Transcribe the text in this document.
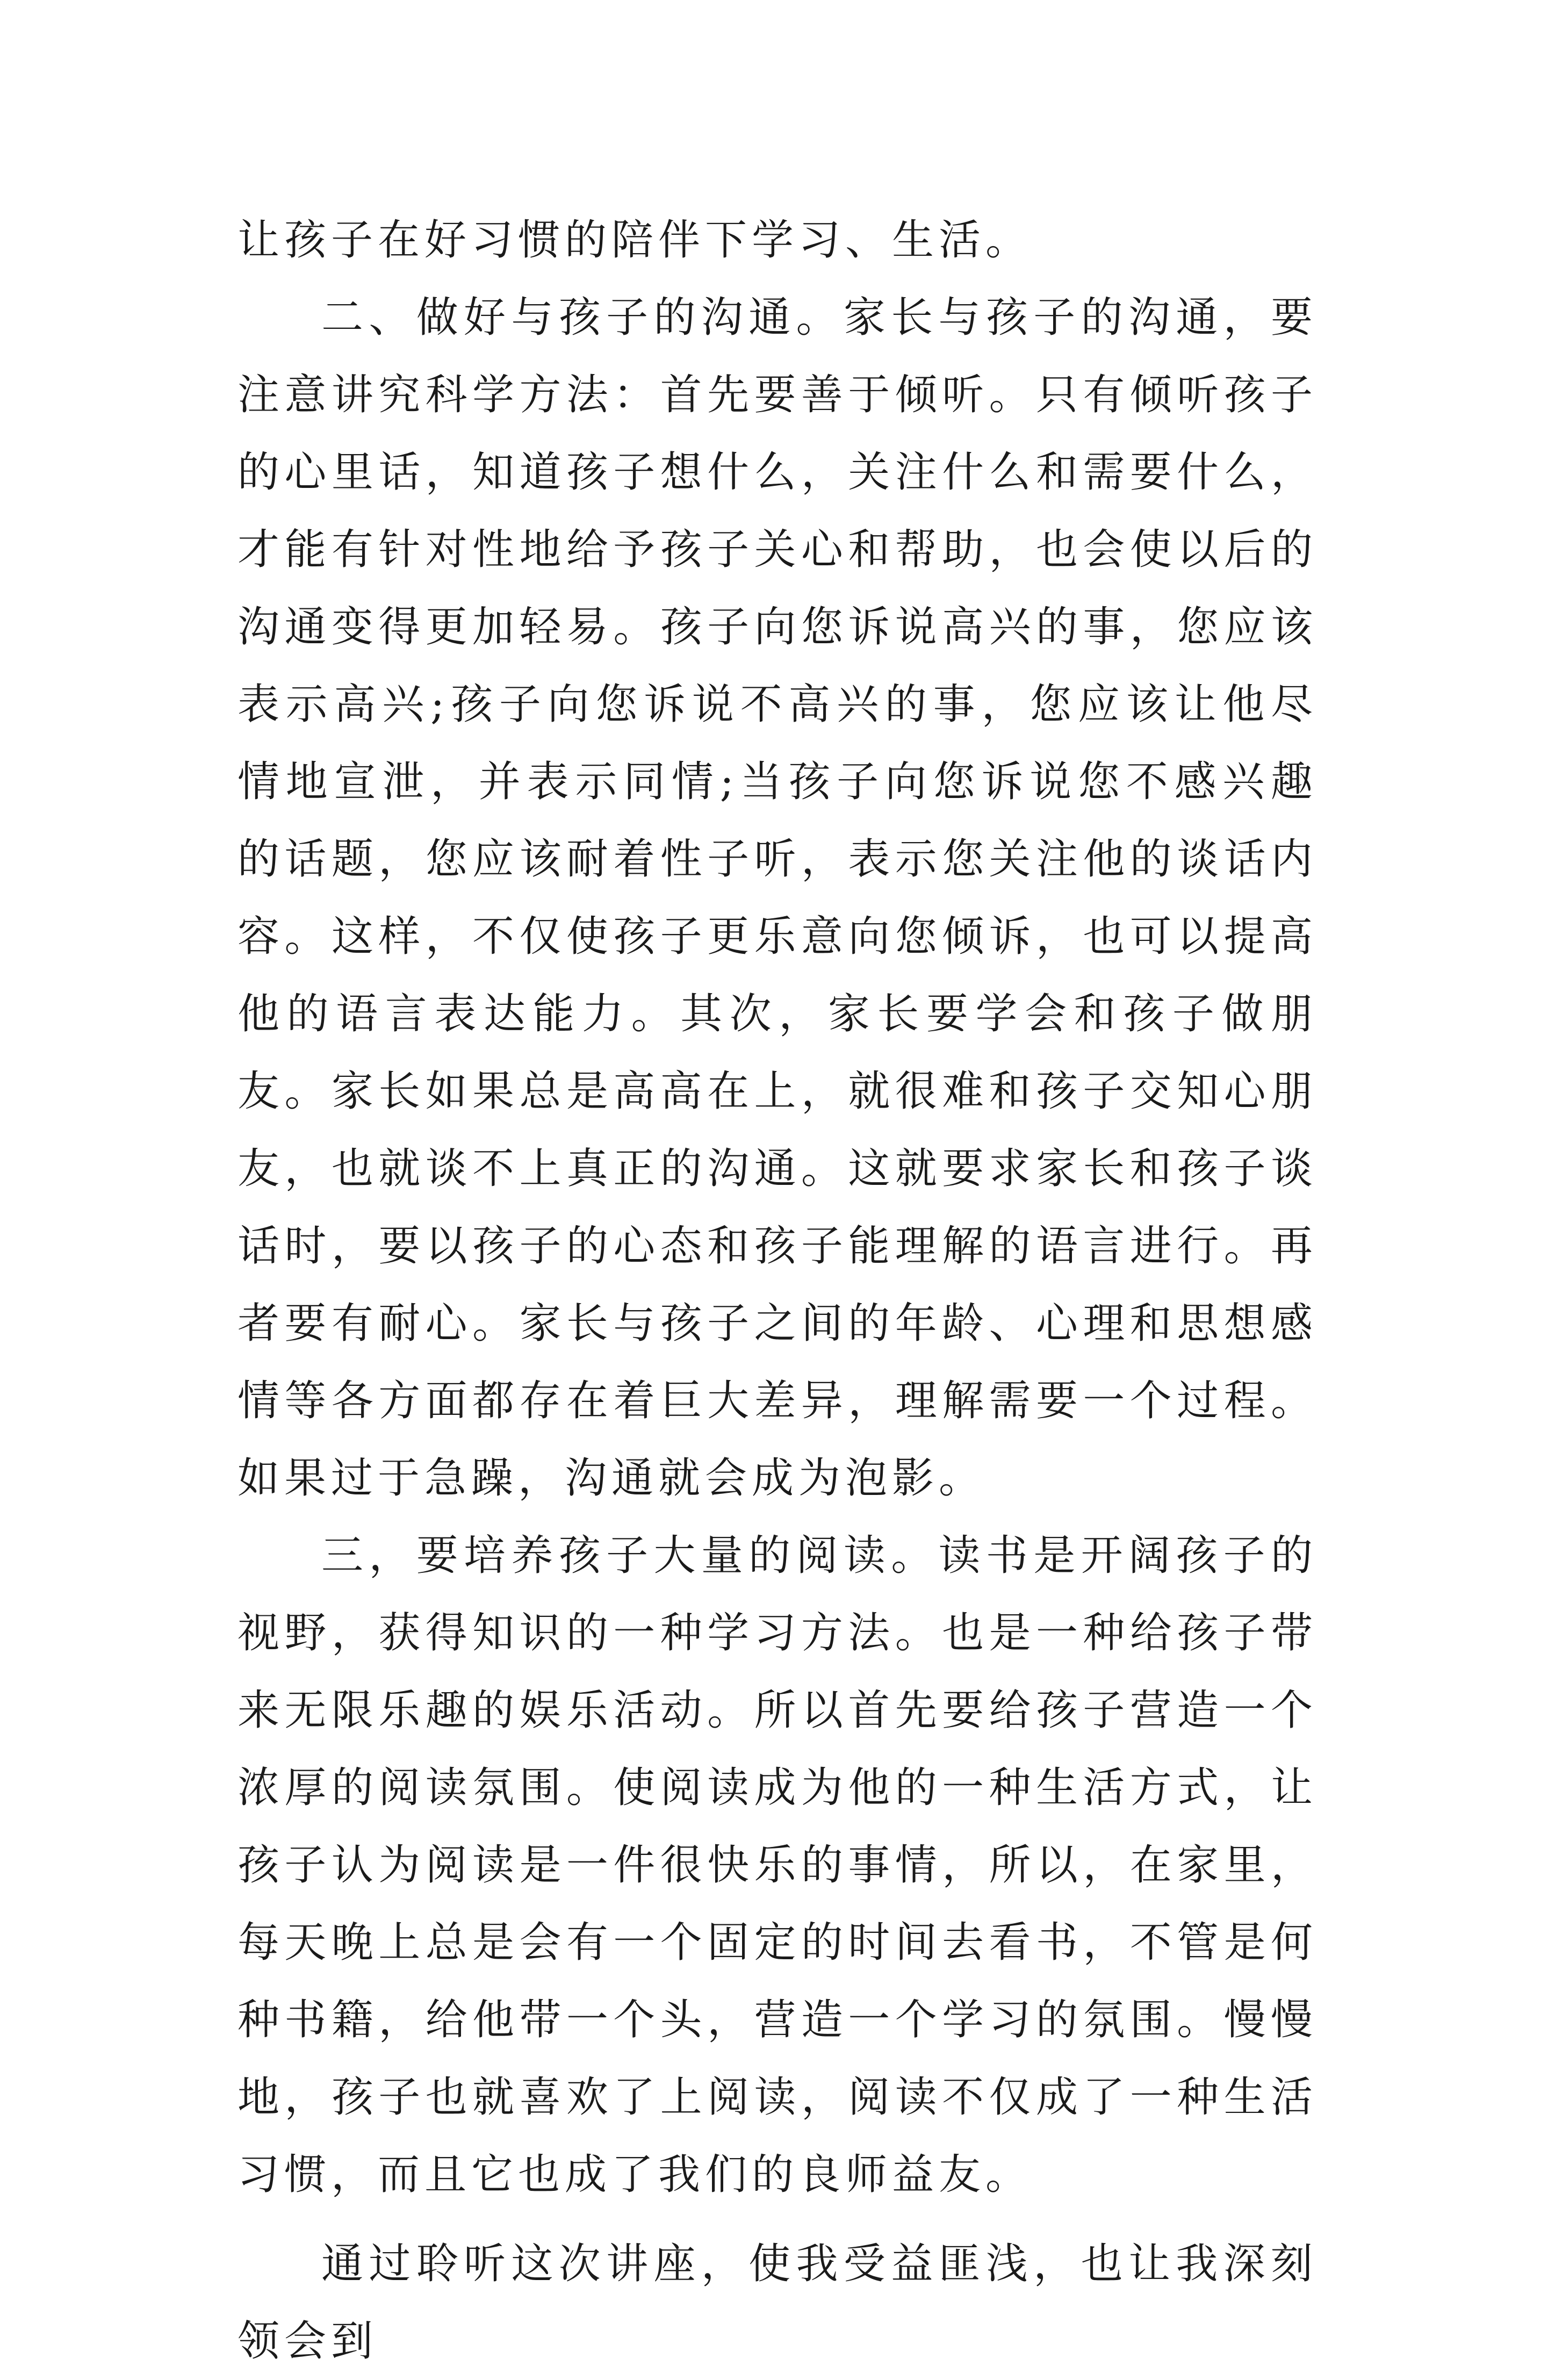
让孩子在好习惯的陪伴下学习、生活。

二、做好与孩子的沟通。家长与孩子的沟通，要注意讲究科学方法：首先要善于倾听。只有倾听孩子的心里话，知道孩子想什么，关注什么和需要什么，才能有针对性地给予孩子关心和帮助，也会使以后的沟通变得更加轻易。孩子向您诉说高兴的事，您应该表示高兴;孩子向您诉说不高兴的事，您应该让他尽情地宣泄，并表示同情;当孩子向您诉说您不感兴趣的话题，您应该耐着性子听，表示您关注他的谈话内容。这样，不仅使孩子更乐意向您倾诉，也可以提高他的语言表达能力。其次，家长要学会和孩子做朋友。家长如果总是高高在上，就很难和孩子交知心朋友，也就谈不上真正的沟通。这就要求家长和孩子谈话时，要以孩子的心态和孩子能理解的语言进行。再者要有耐心。家长与孩子之间的年龄、心理和思想感情等各方面都存在着巨大差异，理解需要一个过程。如果过于急躁，沟通就会成为泡影。

三，要培养孩子大量的阅读。读书是开阔孩子的视野，获得知识的一种学习方法。也是一种给孩子带来无限乐趣的娱乐活动。所以首先要给孩子营造一个浓厚的阅读氛围。使阅读成为他的一种生活方式，让孩子认为阅读是一件很快乐的事情，所以，在家里，每天晚上总是会有一个固定的时间去看书，不管是何种书籍，给他带一个头，营造一个学习的氛围。慢慢地，孩子也就喜欢了上阅读，阅读不仅成了一种生活习惯，而且它也成了我们的良师益友。

通过聆听这次讲座，使我受益匪浅，也让我深刻领会到
